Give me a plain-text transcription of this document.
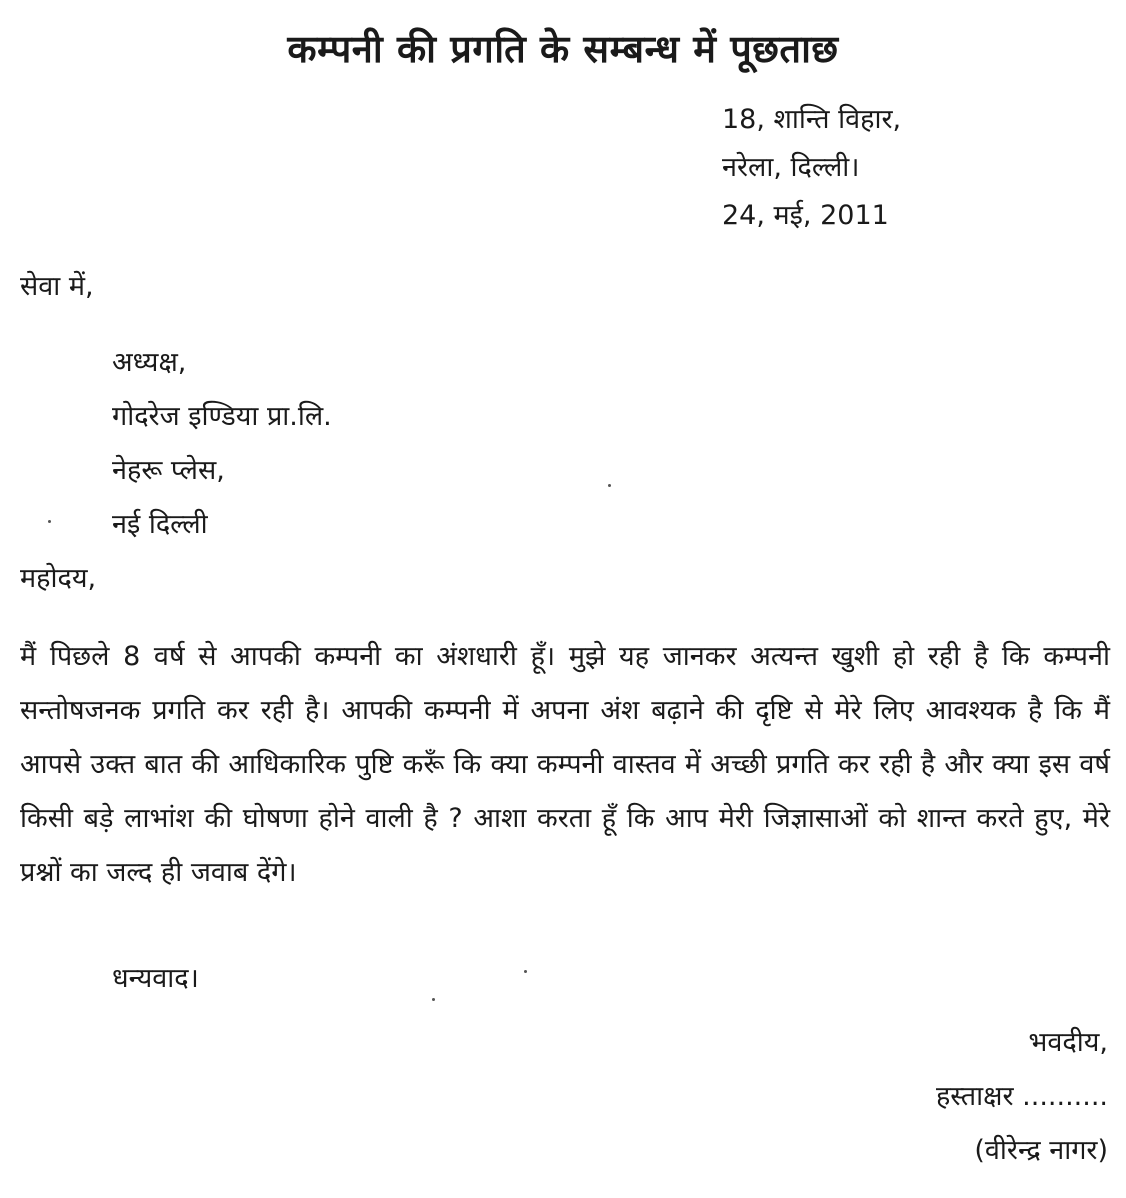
कम्पनी की प्रगति के सम्बन्ध में पूछताछ
18, शान्ति विहार,
नरेला, दिल्ली।
24, मई, 2011
सेवा में,
अध्यक्ष,
गोदरेज इण्डिया प्रा.लि.
नेहरू प्लेस,
नई दिल्ली
महोदय,
मैं पिछले 8 वर्ष से आपकी कम्पनी का अंशधारी हूँ। मुझे यह जानकर अत्यन्त खुशी हो रही है कि कम्पनी सन्तोषजनक प्रगति कर रही है। आपकी कम्पनी में अपना अंश बढ़ाने की दृष्टि से मेरे लिए आवश्यक है कि मैं आपसे उक्त बात की आधिकारिक पुष्टि करूँ कि क्या कम्पनी वास्तव में अच्छी प्रगति कर रही है और क्या इस वर्ष किसी बड़े लाभांश की घोषणा होने वाली है ? आशा करता हूँ कि आप मेरी जिज्ञासाओं को शान्त करते हुए, मेरे प्रश्नों का जल्द ही जवाब देंगे।
धन्यवाद।
भवदीय,
हस्ताक्षर ..........
(वीरेन्द्र नागर)
